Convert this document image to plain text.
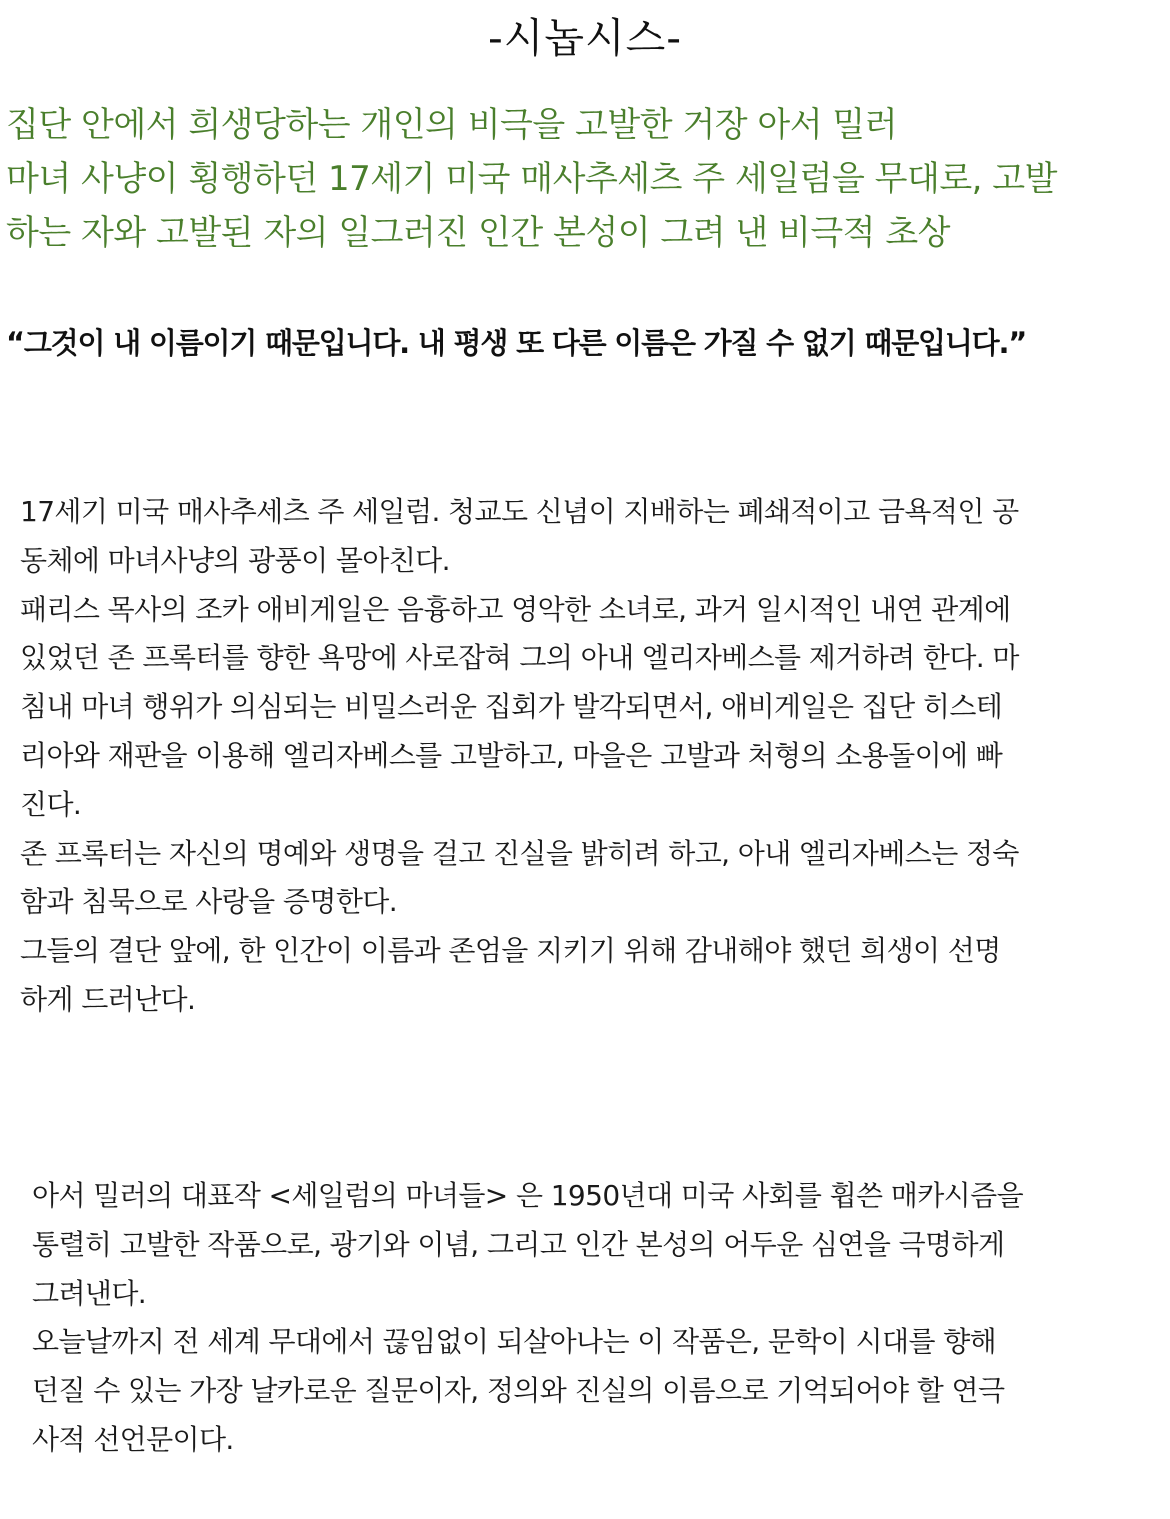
-시놉시스-
집단 안에서 희생당하는 개인의 비극을 고발한 거장 아서 밀러
마녀 사냥이 횡행하던 17세기 미국 매사추세츠 주 세일럼을 무대로, 고발
하는 자와 고발된 자의 일그러진 인간 본성이 그려 낸 비극적 초상
“그것이 내 이름이기 때문입니다. 내 평생 또 다른 이름은 가질 수 없기 때문입니다.”
17세기 미국 매사추세츠 주 세일럼. 청교도 신념이 지배하는 폐쇄적이고 금욕적인 공
동체에 마녀사냥의 광풍이 몰아친다.
패리스 목사의 조카 애비게일은 음흉하고 영악한 소녀로, 과거 일시적인 내연 관계에
있었던 존 프록터를 향한 욕망에 사로잡혀 그의 아내 엘리자베스를 제거하려 한다. 마
침내 마녀 행위가 의심되는 비밀스러운 집회가 발각되면서, 애비게일은 집단 히스테
리아와 재판을 이용해 엘리자베스를 고발하고, 마을은 고발과 처형의 소용돌이에 빠
진다.
존 프록터는 자신의 명예와 생명을 걸고 진실을 밝히려 하고, 아내 엘리자베스는 정숙
함과 침묵으로 사랑을 증명한다.
그들의 결단 앞에, 한 인간이 이름과 존엄을 지키기 위해 감내해야 했던 희생이 선명
하게 드러난다.
아서 밀러의 대표작 <세일럼의 마녀들> 은 1950년대 미국 사회를 휩쓴 매카시즘을
통렬히 고발한 작품으로, 광기와 이념, 그리고 인간 본성의 어두운 심연을 극명하게
그려낸다.
오늘날까지 전 세계 무대에서 끊임없이 되살아나는 이 작품은, 문학이 시대를 향해
던질 수 있는 가장 날카로운 질문이자, 정의와 진실의 이름으로 기억되어야 할 연극
사적 선언문이다.
